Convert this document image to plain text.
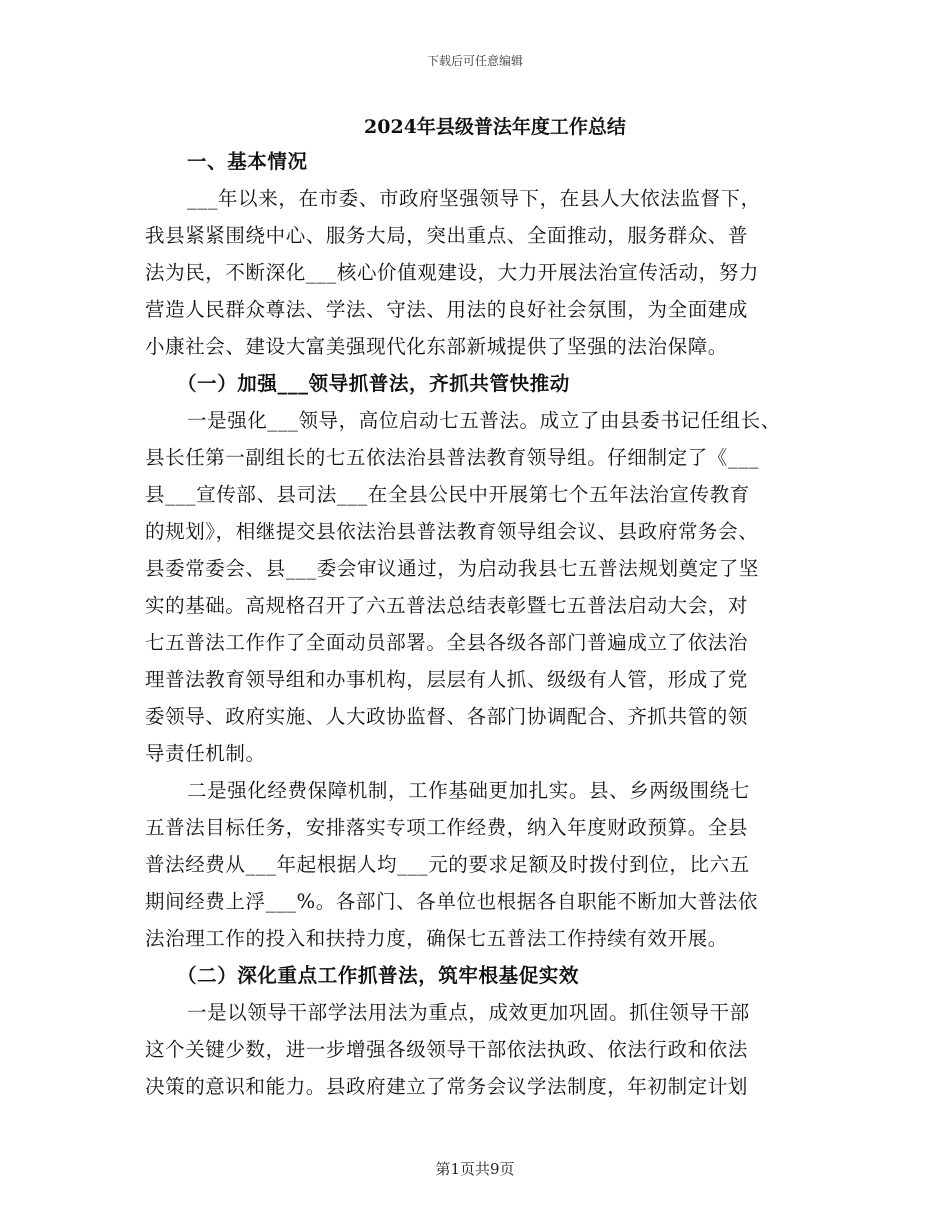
下载后可任意编辑
2024年县级普法年度工作总结
一、基本情况
___年以来，在市委、市政府坚强领导下，在县人大依法监督下，
我县紧紧围绕中心、服务大局，突出重点、全面推动，服务群众、普
法为民，不断深化___核心价值观建设，大力开展法治宣传活动，努力
营造人民群众尊法、学法、守法、用法的良好社会氛围，为全面建成
小康社会、建设大富美强现代化东部新城提供了坚强的法治保障。
（一）加强___领导抓普法，齐抓共管快推动
一是强化___领导，高位启动七五普法。成立了由县委书记任组长、
县长任第一副组长的七五依法治县普法教育领导组。仔细制定了《___
县___宣传部、县司法___在全县公民中开展第七个五年法治宣传教育
的规划》，相继提交县依法治县普法教育领导组会议、县政府常务会、
县委常委会、县___委会审议通过，为启动我县七五普法规划奠定了坚
实的基础。高规格召开了六五普法总结表彰暨七五普法启动大会，对
七五普法工作作了全面动员部署。全县各级各部门普遍成立了依法治
理普法教育领导组和办事机构，层层有人抓、级级有人管，形成了党
委领导、政府实施、人大政协监督、各部门协调配合、齐抓共管的领
导责任机制。
二是强化经费保障机制，工作基础更加扎实。县、乡两级围绕七
五普法目标任务，安排落实专项工作经费，纳入年度财政预算。全县
普法经费从___年起根据人均___元的要求足额及时拨付到位，比六五
期间经费上浮___%。各部门、各单位也根据各自职能不断加大普法依
法治理工作的投入和扶持力度，确保七五普法工作持续有效开展。
（二）深化重点工作抓普法，筑牢根基促实效
一是以领导干部学法用法为重点，成效更加巩固。抓住领导干部
这个关键少数，进一步增强各级领导干部依法执政、依法行政和依法
决策的意识和能力。县政府建立了常务会议学法制度，年初制定计划
第1页共9页
